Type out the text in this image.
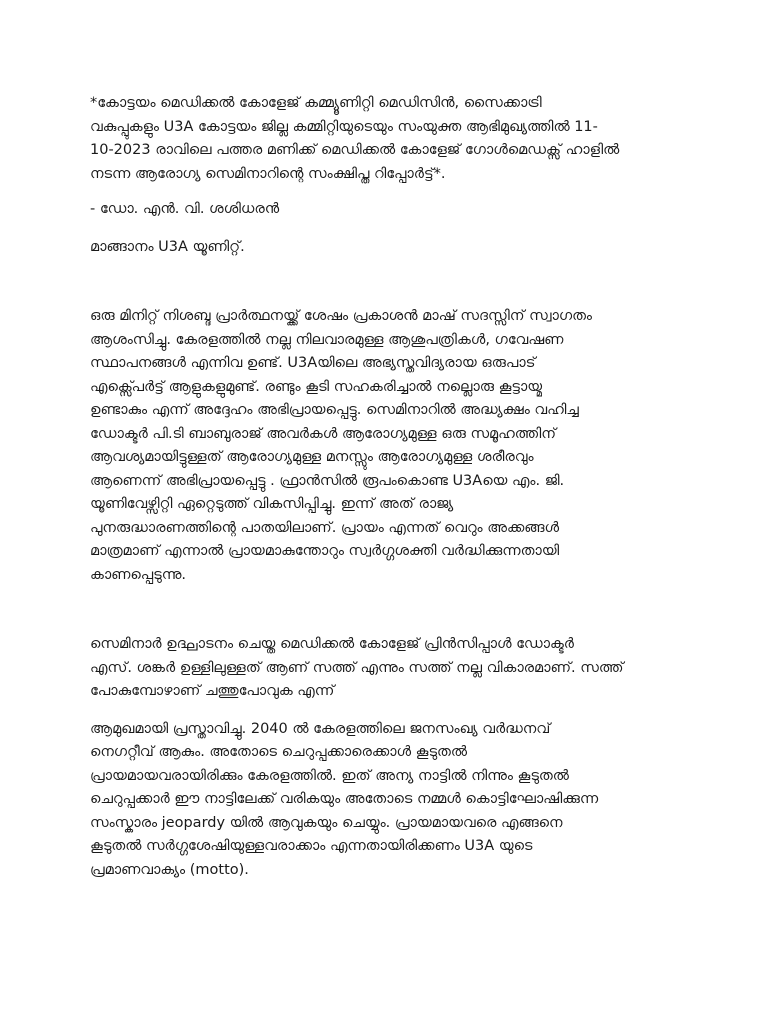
*കോട്ടയം മെഡിക്കൽ കോളേജ് കമ്മ്യൂണിറ്റി മെഡിസിൻ, സൈക്കാട്രി
വകുപ്പുകളും U3A കോട്ടയം ജില്ല കമ്മിറ്റിയുടെയും സംയുക്ത ആഭിമുഖ്യത്തിൽ 11-
10-2023 രാവിലെ പത്തര മണിക്ക് മെഡിക്കൽ കോളേജ് ഗോൾമെഡക്സ് ഹാളിൽ
നടന്ന ആരോഗ്യ സെമിനാറിന്റെ സംക്ഷിപ്ത റിപ്പോർട്ട്*.

- ഡോ. എൻ. വി. ശശിധരൻ

മാങ്ങാനം U3A യൂണിറ്റ്.

ഒരു മിനിറ്റ് നിശബ്ദ പ്രാർത്ഥനയ്ക്ക് ശേഷം പ്രകാശൻ മാഷ് സദസ്സിന് സ്വാഗതം
ആശംസിച്ചു. കേരളത്തിൽ നല്ല നിലവാരമുള്ള ആശുപത്രികൾ, ഗവേഷണ
സ്ഥാപനങ്ങൾ എന്നിവ ഉണ്ട്. U3Aയിലെ അഭ്യസ്തവിദ്യരായ ഒരുപാട്
എക്സ്പെർട്ട് ആളുകളുമുണ്ട്. രണ്ടും കൂടി സഹകരിച്ചാൽ നല്ലൊരു കൂട്ടായ്മ
ഉണ്ടാകും എന്ന് അദ്ദേഹം അഭിപ്രായപ്പെട്ടു. സെമിനാറിൽ അദ്ധ്യക്ഷം വഹിച്ച
ഡോക്ടർ പി.ടി ബാബുരാജ് അവർകൾ ആരോഗ്യമുള്ള ഒരു സമൂഹത്തിന്
ആവശ്യമായിട്ടുള്ളത് ആരോഗ്യമുള്ള മനസ്സും ആരോഗ്യമുള്ള ശരീരവും
ആണെന്ന് അഭിപ്രായപ്പെട്ടു . ഫ്രാൻസിൽ രൂപംകൊണ്ട U3Aയെ എം. ജി.
യൂണിവേഴ്സിറ്റി ഏറ്റെടുത്ത് വികസിപ്പിച്ചു. ഇന്ന് അത് രാജ്യ
പുനരുദ്ധാരണത്തിന്റെ പാതയിലാണ്. പ്രായം എന്നത് വെറും അക്കങ്ങൾ
മാത്രമാണ് എന്നാൽ പ്രായമാകുന്തോറും സ്വർഗ്ഗശക്തി വർദ്ധിക്കുന്നതായി
കാണപ്പെടുന്നു.

സെമിനാർ ഉദ്ഘാടനം ചെയ്ത മെഡിക്കൽ കോളേജ് പ്രിൻസിപ്പാൾ ഡോക്ടർ
എസ്. ശങ്കർ ഉള്ളിലുള്ളത് ആണ് സത്ത് എന്നും സത്ത് നല്ല വികാരമാണ്. സത്ത്
പോകുമ്പോഴാണ് ചത്തുപോവുക എന്ന്

ആമുഖമായി പ്രസ്താവിച്ചു. 2040 ൽ കേരളത്തിലെ ജനസംഖ്യ വർദ്ധനവ്
നെഗറ്റീവ് ആകും. അതോടെ ചെറുപ്പക്കാരെക്കാൾ കൂടുതൽ
പ്രായമായവരായിരിക്കും കേരളത്തിൽ. ഇത് അന്യ നാട്ടിൽ നിന്നും കൂടുതൽ
ചെറുപ്പക്കാർ ഈ നാട്ടിലേക്ക് വരികയും അതോടെ നമ്മൾ കൊട്ടിഘോഷിക്കുന്ന
സംസ്കാരം jeopardy യിൽ ആവുകയും ചെയ്യും. പ്രായമായവരെ എങ്ങനെ
കൂടുതൽ സർഗ്ഗശേഷിയുള്ളവരാക്കാം എന്നതായിരിക്കണം U3A യുടെ
പ്രമാണവാക്യം (motto).
